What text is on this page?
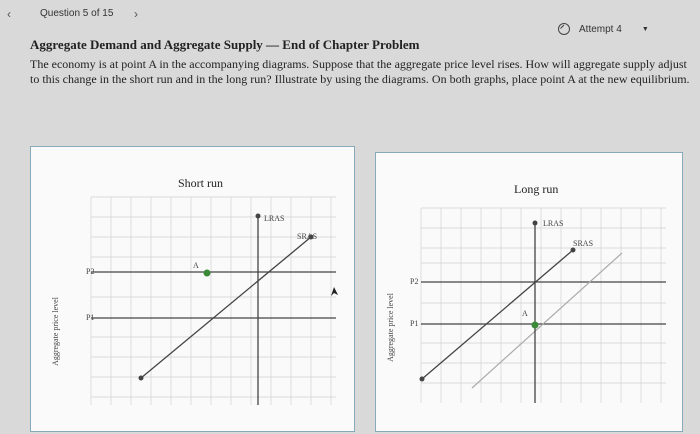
‹	Question 5 of 15 ›
Attempt 4	▼
Aggregate Demand and Aggregate Supply — End of Chapter Problem
The economy is at point A in the accompanying diagrams. Suppose that the aggregate price level rises. How will aggregate supply adjust to this change in the short run and in the long run? Illustrate by using the diagrams. On both graphs, place point A at the new equilibrium.
Short run
Aggregate price level
P2
P1
LRAS
SRAS
A
Long run
Aggregate price level
P2
P1
LRAS
SRAS
A
